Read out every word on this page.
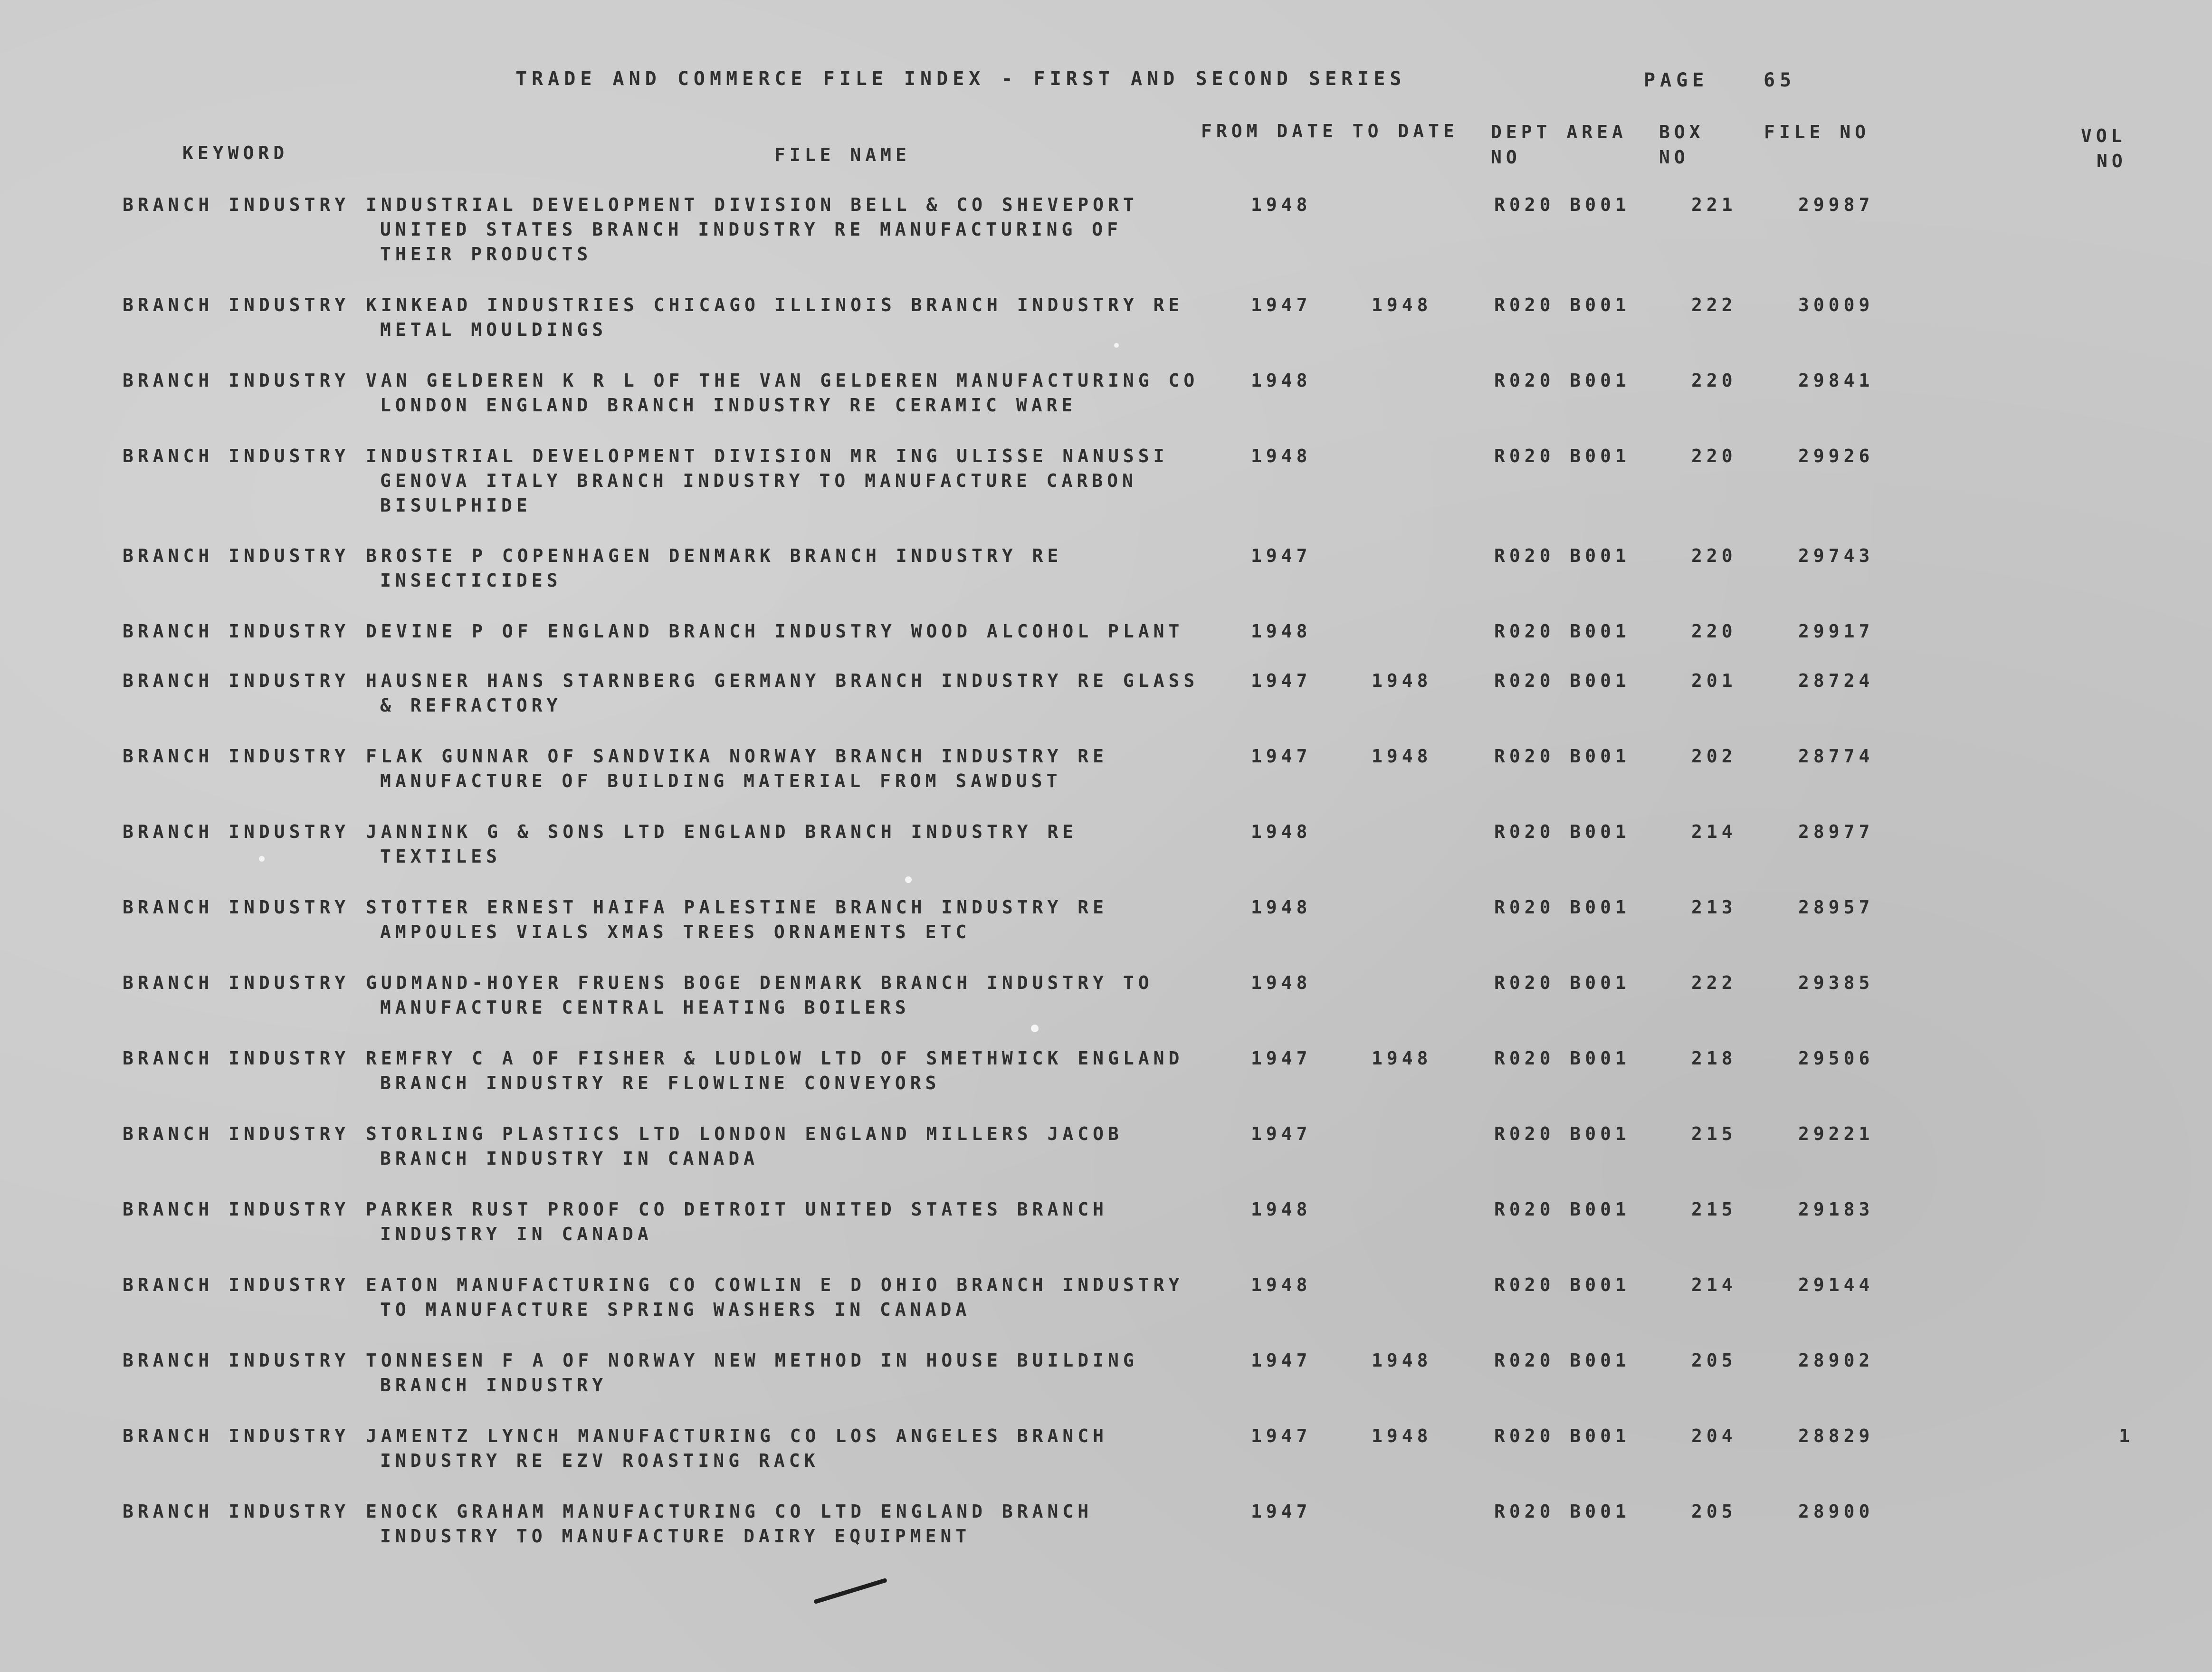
TRADE AND COMMERCE FILE INDEX - FIRST AND SECOND SERIES	PAGE	65
KEYWORD	FILE NAME
FROM DATE TO DATE DEPT AREA
NO
BOX
NO
FILE NO	VOL
NO
BRANCH INDUSTRY INDUSTRIAL DEVELOPMENT DIVISION BELL & CO SHEVEPORT
UNITED STATES BRANCH INDUSTRY RE MANUFACTURING OF
THEIR PRODUCTS
1948	R020 B001	221	29987
BRANCH INDUSTRY KINKEAD INDUSTRIES CHICAGO ILLINOIS BRANCH INDUSTRY RE
METAL MOULDINGS
1947	1948	R020 B001	222	30009
BRANCH INDUSTRY VAN GELDEREN K R L OF THE VAN GELDEREN MANUFACTURING CO
LONDON ENGLAND BRANCH INDUSTRY RE CERAMIC WARE
1948	R020 B001	220	29841
BRANCH INDUSTRY INDUSTRIAL DEVELOPMENT DIVISION MR ING ULISSE NANUSSI
GENOVA ITALY BRANCH INDUSTRY TO MANUFACTURE CARBON
BISULPHIDE
1948	R020 B001	220	29926
BRANCH INDUSTRY BROSTE P COPENHAGEN DENMARK BRANCH INDUSTRY RE
INSECTICIDES
1947	R020 B001	220	29743
BRANCH INDUSTRY DEVINE P OF ENGLAND BRANCH INDUSTRY WOOD ALCOHOL PLANT	1948	R020 B001	220	29917
BRANCH INDUSTRY HAUSNER HANS STARNBERG GERMANY BRANCH INDUSTRY RE GLASS
& REFRACTORY
1947	1948	R020 B001	201	28724
BRANCH INDUSTRY FLAK GUNNAR OF SANDVIKA NORWAY BRANCH INDUSTRY RE
MANUFACTURE OF BUILDING MATERIAL FROM SAWDUST
1947	1948	R020 B001	202	28774
BRANCH INDUSTRY JANNINK G & SONS LTD ENGLAND BRANCH INDUSTRY RE
TEXTILES
1948	R020 B001	214	28977
BRANCH INDUSTRY STOTTER ERNEST HAIFA PALESTINE BRANCH INDUSTRY RE
AMPOULES VIALS XMAS TREES ORNAMENTS ETC
1948	R020 B001	213	28957
BRANCH INDUSTRY GUDMAND-HOYER FRUENS BOGE DENMARK BRANCH INDUSTRY TO
MANUFACTURE CENTRAL HEATING BOILERS
1948	R020 B001	222	29385
BRANCH INDUSTRY REMFRY C A OF FISHER & LUDLOW LTD OF SMETHWICK ENGLAND
BRANCH INDUSTRY RE FLOWLINE CONVEYORS
1947	1948	R020 B001	218	29506
BRANCH INDUSTRY STORLING PLASTICS LTD LONDON ENGLAND MILLERS JACOB
BRANCH INDUSTRY IN CANADA
1947	R020 B001	215	29221
BRANCH INDUSTRY PARKER RUST PROOF CO DETROIT UNITED STATES BRANCH
INDUSTRY IN CANADA
1948	R020 B001	215	29183
BRANCH INDUSTRY EATON MANUFACTURING CO COWLIN E D OHIO BRANCH INDUSTRY
TO MANUFACTURE SPRING WASHERS IN CANADA
1948	R020 B001	214	29144
BRANCH INDUSTRY TONNESEN F A OF NORWAY NEW METHOD IN HOUSE BUILDING
BRANCH INDUSTRY
1947	1948	R020 B001	205	28902
BRANCH INDUSTRY JAMENTZ LYNCH MANUFACTURING CO LOS ANGELES BRANCH
INDUSTRY RE EZV ROASTING RACK
1947	1948	R020 B001	204	28829	1
BRANCH INDUSTRY ENOCK GRAHAM MANUFACTURING CO LTD ENGLAND BRANCH
INDUSTRY TO MANUFACTURE DAIRY EQUIPMENT
1947	R020 B001	205	28900
